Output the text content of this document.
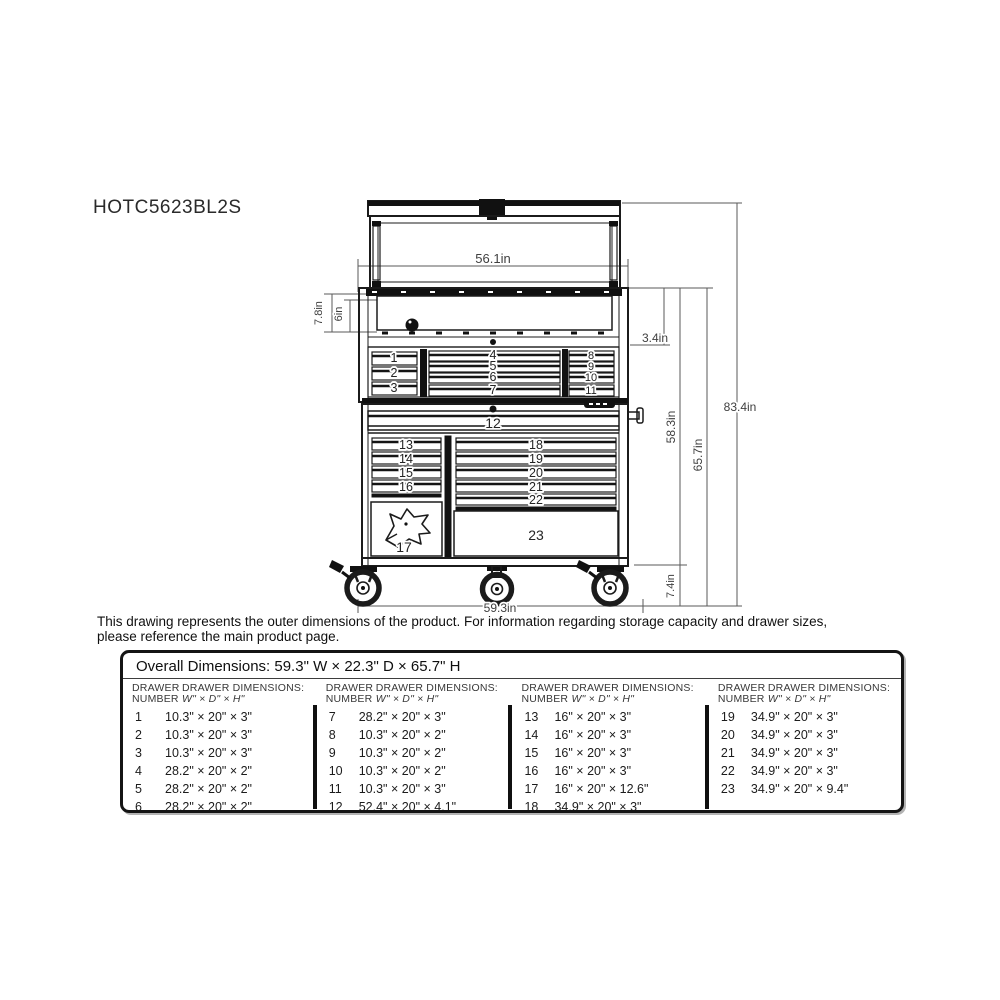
HOTC5623BL2S
1
2
3
4
5
6
7
8
9
10
11
12
13
14
15
16
17
18
19
20
21
22
23
56.1in
7.8in 6in
3.4in
58.3in
65.7in
83.4in
7.4in
59.3in
This drawing represents the outer dimensions of the product. For information regarding storage capacity and drawer sizes,
please reference the main product page.
Overall Dimensions: 59.3" W × 22.3" D × 65.7" H
DRAWER
NUMBER
DRAWER DIMENSIONS:
W" × D" × H"
1	10.3" × 20" × 3"
2	10.3" × 20" × 3"
3	10.3" × 20" × 3"
4	28.2" × 20" × 2"
5	28.2" × 20" × 2"
6	28.2" × 20" × 2"
DRAWER
NUMBER
DRAWER DIMENSIONS:
W" × D" × H"
7	28.2" × 20" × 3"
8	10.3" × 20" × 2"
9	10.3" × 20" × 2"
10	10.3" × 20" × 2"
11	10.3" × 20" × 3"
12	52.4" × 20" × 4.1"
DRAWER
NUMBER
DRAWER DIMENSIONS:
W" × D" × H"
13	16" × 20" × 3"
14	16" × 20" × 3"
15	16" × 20" × 3"
16	16" × 20" × 3"
17	16" × 20" × 12.6"
18	34.9" × 20" × 3"
DRAWER
NUMBER
DRAWER DIMENSIONS:
W" × D" × H"
19	34.9" × 20" × 3"
20	34.9" × 20" × 3"
21	34.9" × 20" × 3"
22	34.9" × 20" × 3"
23	34.9" × 20" × 9.4"
